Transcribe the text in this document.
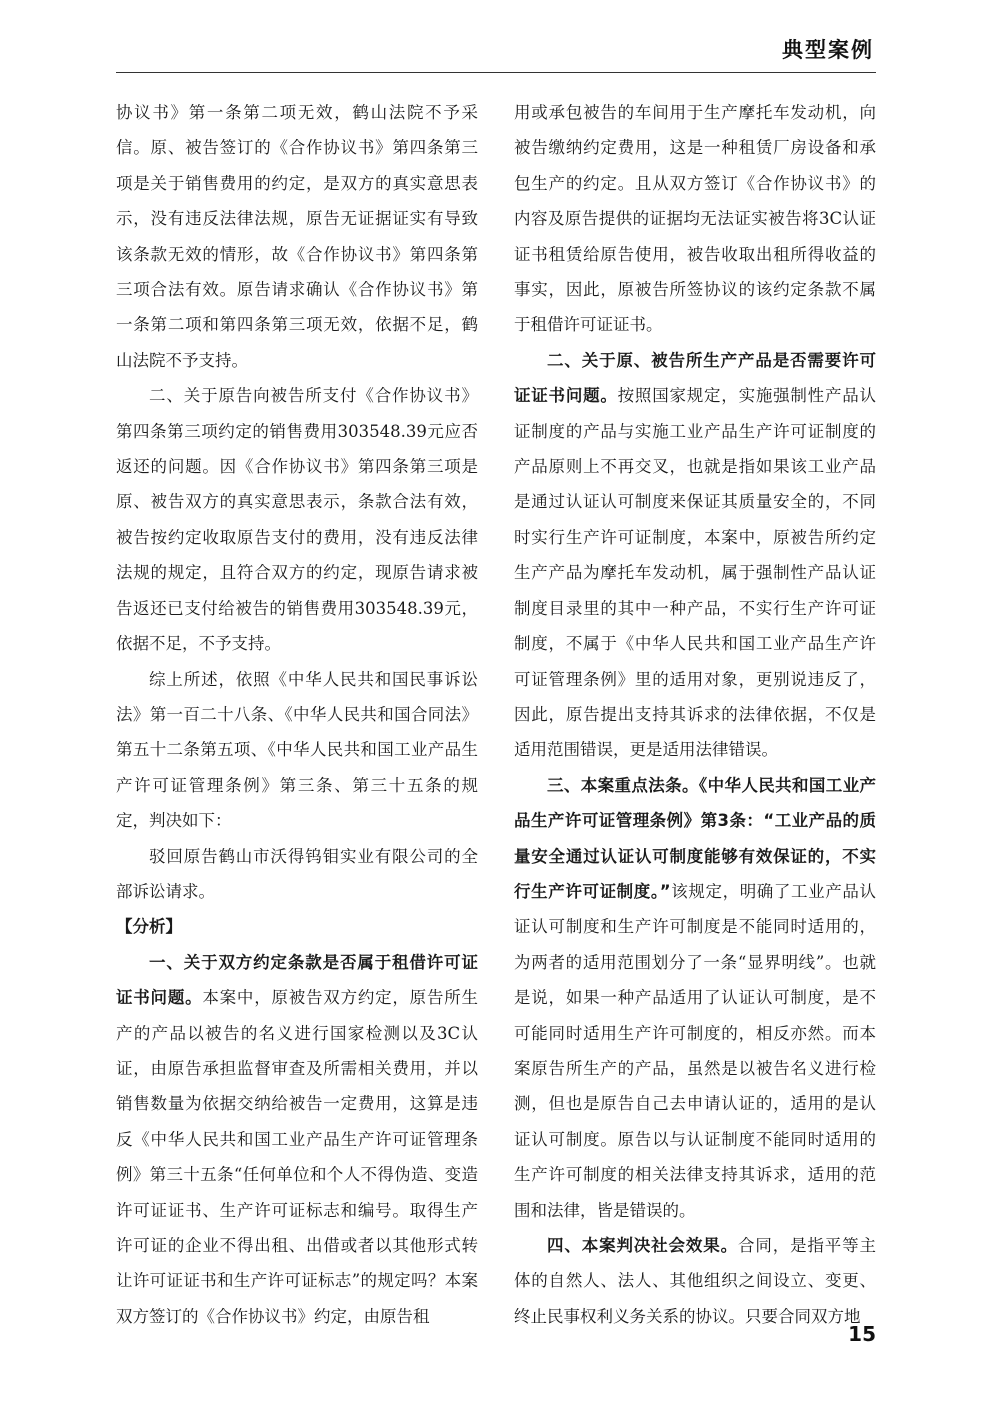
典型案例

协议书》第一条第二项无效，鹤山法院不予采信。原、被告签订的《合作协议书》第四条第三项是关于销售费用的约定，是双方的真实意思表示，没有违反法律法规，原告无证据证实有导致该条款无效的情形，故《合作协议书》第四条第三项合法有效。原告请求确认《合作协议书》第一条第二项和第四条第三项无效，依据不足，鹤山法院不予支持。

二、关于原告向被告所支付《合作协议书》第四条第三项约定的销售费用303548.39元应否返还的问题。因《合作协议书》第四条第三项是原、被告双方的真实意思表示，条款合法有效，被告按约定收取原告支付的费用，没有违反法律法规的规定，且符合双方的约定，现原告请求被告返还已支付给被告的销售费用303548.39元，依据不足，不予支持。

综上所述，依照《中华人民共和国民事诉讼法》第一百二十八条、《中华人民共和国合同法》第五十二条第五项、《中华人民共和国工业产品生产许可证管理条例》第三条、第三十五条的规定，判决如下：

驳回原告鹤山市沃得钨钼实业有限公司的全部诉讼请求。

【分析】

一、关于双方约定条款是否属于租借许可证证书问题。本案中，原被告双方约定，原告所生产的产品以被告的名义进行国家检测以及3C认证，由原告承担监督审查及所需相关费用，并以销售数量为依据交纳给被告一定费用，这算是违反《中华人民共和国工业产品生产许可证管理条例》第三十五条“任何单位和个人不得伪造、变造许可证证书、生产许可证标志和编号。取得生产许可证的企业不得出租、出借或者以其他形式转让许可证证书和生产许可证标志”的规定吗？本案双方签订的《合作协议书》约定，由原告租

用或承包被告的车间用于生产摩托车发动机，向被告缴纳约定费用，这是一种租赁厂房设备和承包生产的约定。且从双方签订《合作协议书》的内容及原告提供的证据均无法证实被告将3C认证证书租赁给原告使用，被告收取出租所得收益的事实，因此，原被告所签协议的该约定条款不属于租借许可证证书。

二、关于原、被告所生产产品是否需要许可证证书问题。按照国家规定，实施强制性产品认证制度的产品与实施工业产品生产许可证制度的产品原则上不再交叉，也就是指如果该工业产品是通过认证认可制度来保证其质量安全的，不同时实行生产许可证制度，本案中，原被告所约定生产产品为摩托车发动机，属于强制性产品认证制度目录里的其中一种产品，不实行生产许可证制度，不属于《中华人民共和国工业产品生产许可证管理条例》里的适用对象，更别说违反了，因此，原告提出支持其诉求的法律依据，不仅是适用范围错误，更是适用法律错误。

三、本案重点法条。《中华人民共和国工业产品生产许可证管理条例》第3条：“工业产品的质量安全通过认证认可制度能够有效保证的，不实行生产许可证制度。”该规定，明确了工业产品认证认可制度和生产许可制度是不能同时适用的，为两者的适用范围划分了一条“显界明线”。也就是说，如果一种产品适用了认证认可制度，是不可能同时适用生产许可制度的，相反亦然。而本案原告所生产的产品，虽然是以被告名义进行检测，但也是原告自己去申请认证的，适用的是认证认可制度。原告以与认证制度不能同时适用的生产许可制度的相关法律支持其诉求，适用的范围和法律，皆是错误的。

四、本案判决社会效果。合同，是指平等主体的自然人、法人、其他组织之间设立、变更、终止民事权利义务关系的协议。只要合同双方地

15
